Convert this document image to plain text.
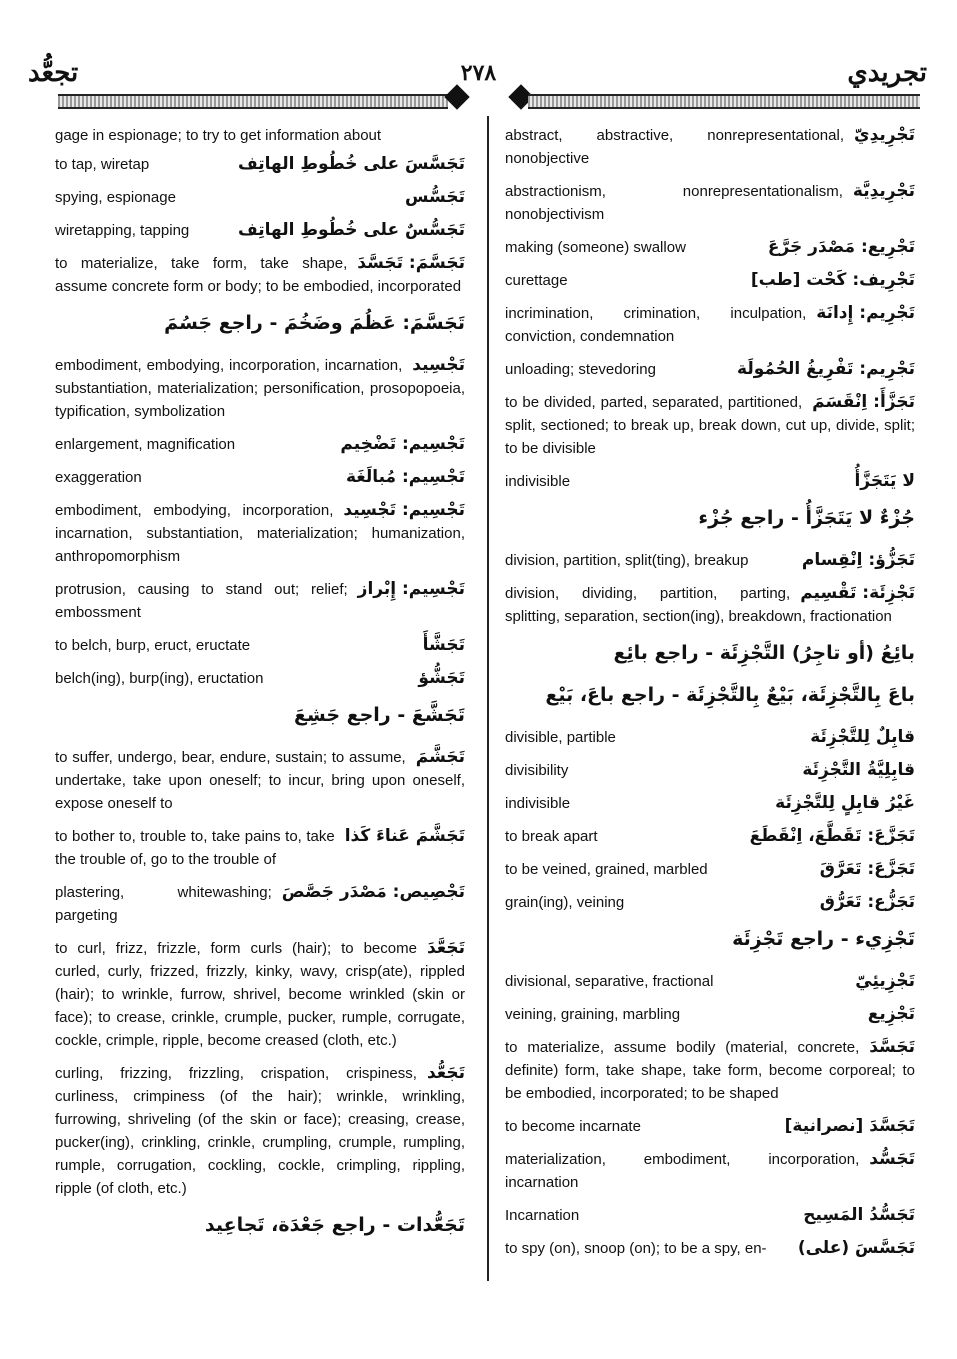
تجعُّد	٢٧٨	تجريدي
gage in espionage; to try to get information about
تَجَسَّسَ على خُطُوطِ الهاتِف
to tap, wiretap
تَجَسُّس
spying, espionage
تَجَسُّسٌ على خُطُوطِ الهاتِف
wiretapping, tapping
تَجَسَّمَ: تَجَسَّدَ
to materialize, take form, take shape, assume concrete form or body; to be embodied, incorporated
تَجَسَّمَ: عَظُمَ وضَخُمَ - راجع جَسُمَ
تَجْسِيد
embodiment, embodying, incorporation, incarnation, substantiation, materialization; personification, prosopopoeia, typification, symbolization
تَجْسِيم: تَضْخِيم
enlargement, magnification
تَجْسِيم: مُبالَغَة
exaggeration
تَجْسِيم: تَجْسِيد
embodiment, embodying, incorporation, incarnation, substantiation, materialization; humanization, anthropomorphism
تَجْسِيم: إِبْراز
protrusion, causing to stand out; relief; embossment
تَجَشَّأَ
to belch, burp, eruct, eructate
تَجَشُّؤ
belch(ing), burp(ing), eructation
تَجَشَّعَ - راجع جَشِعَ
تَجَشَّمَ
to suffer, undergo, bear, endure, sustain; to assume, undertake, take upon oneself; to incur, bring upon oneself, expose oneself to
تَجَشَّمَ عَناءَ كَذا
to bother to, trouble to, take pains to, take the trouble of, go to the trouble of
تَجْصِيص: مَصْدَر جَصَّصَ
plastering, whitewashing; pargeting
تَجَعَّدَ
to curl, frizz, frizzle, form curls (hair); to become curled, curly, frizzed, frizzly, kinky, wavy, crisp(ate), rippled (hair); to wrinkle, furrow, shrivel, become wrinkled (skin or face); to crease, crinkle, crumple, pucker, rumple, corrugate, cockle, crimple, ripple, become creased (cloth, etc.)
تَجَعُّد
curling, frizzing, frizzling, crispation, crispiness, curliness, crimpiness (of the hair); wrinkle, wrinkling, furrowing, shriveling (of the skin or face); creasing, crease, pucker(ing), crinkling, crinkle, crumpling, crumple, rumpling, rumple, corrugation, cockling, cockle, crimpling, rippling, ripple (of cloth, etc.)
تَجَعُّدات - راجع جَعْدَة، تَجاعِيد
تَجْرِيدِيّ
abstract, abstractive, nonrepresentational, nonobjective
تَجْرِيدِيَّة
abstractionism, nonrepresentationalism, nonobjectivism
تَجْرِيع: مَصْدَر جَرَّعَ
making (someone) swallow
تَجْرِيف: كَحْت [طب]
curettage
تَجْرِيم: إِدانَة
incrimination, crimination, inculpation, conviction, condemnation
تَجْرِيم: تَفْرِيغُ الحُمُولَة
unloading; stevedoring
تَجَزَّأَ: اِنْقَسَمَ
to be divided, parted, separated, partitioned, split, sectioned; to break up, break down, cut up, divide, split; to be divisible
لا يَتَجَزَّأُ
indivisible
جُزْءٌ لا يَتَجَزَّأُ - راجع جُزْء
تَجَزُّؤ: اِنْقِسام
division, partition, split(ting), breakup
تَجْزِئَة: تَقْسِيم
division, dividing, partition, parting, splitting, separation, section(ing), breakdown, fractionation
بائِعُ (أو تاجِرُ) التَّجْزِئَة - راجع بائِع
باعَ بِالتَّجْزِئَة، بَيْعٌ بِالتَّجْزِئَة - راجع باعَ، بَيْع
قابِلٌ لِلتَّجْزِئَة
divisible, partible
قابِلِيَّةُ التَّجْزِئَة
divisibility
غَيْرُ قابِلٍ لِلتَّجْزِئَة
indivisible
تَجَزَّعَ: تَقَطَّعَ، اِنْقَطَعَ
to break apart
تَجَزَّعَ: تَعَرَّقَ
to be veined, grained, marbled
تَجَزُّع: تَعَرُّق
grain(ing), veining
تَجْزِيء - راجع تَجْزِئَة
تَجْزِيئِيّ
divisional, separative, fractional
تَجْزِيع
veining, graining, marbling
تَجَسَّدَ
to materialize, assume bodily (material, concrete, definite) form, take shape, take form, become corporeal; to be embodied, incorporated; to be shaped
تَجَسَّدَ [نصرانية]
to become incarnate
تَجَسُّد
materialization, embodiment, incorporation, incarnation
تَجَسُّدُ المَسِيح
Incarnation
تَجَسَّسَ (على)
to spy (on), snoop (on); to be a spy, en-
